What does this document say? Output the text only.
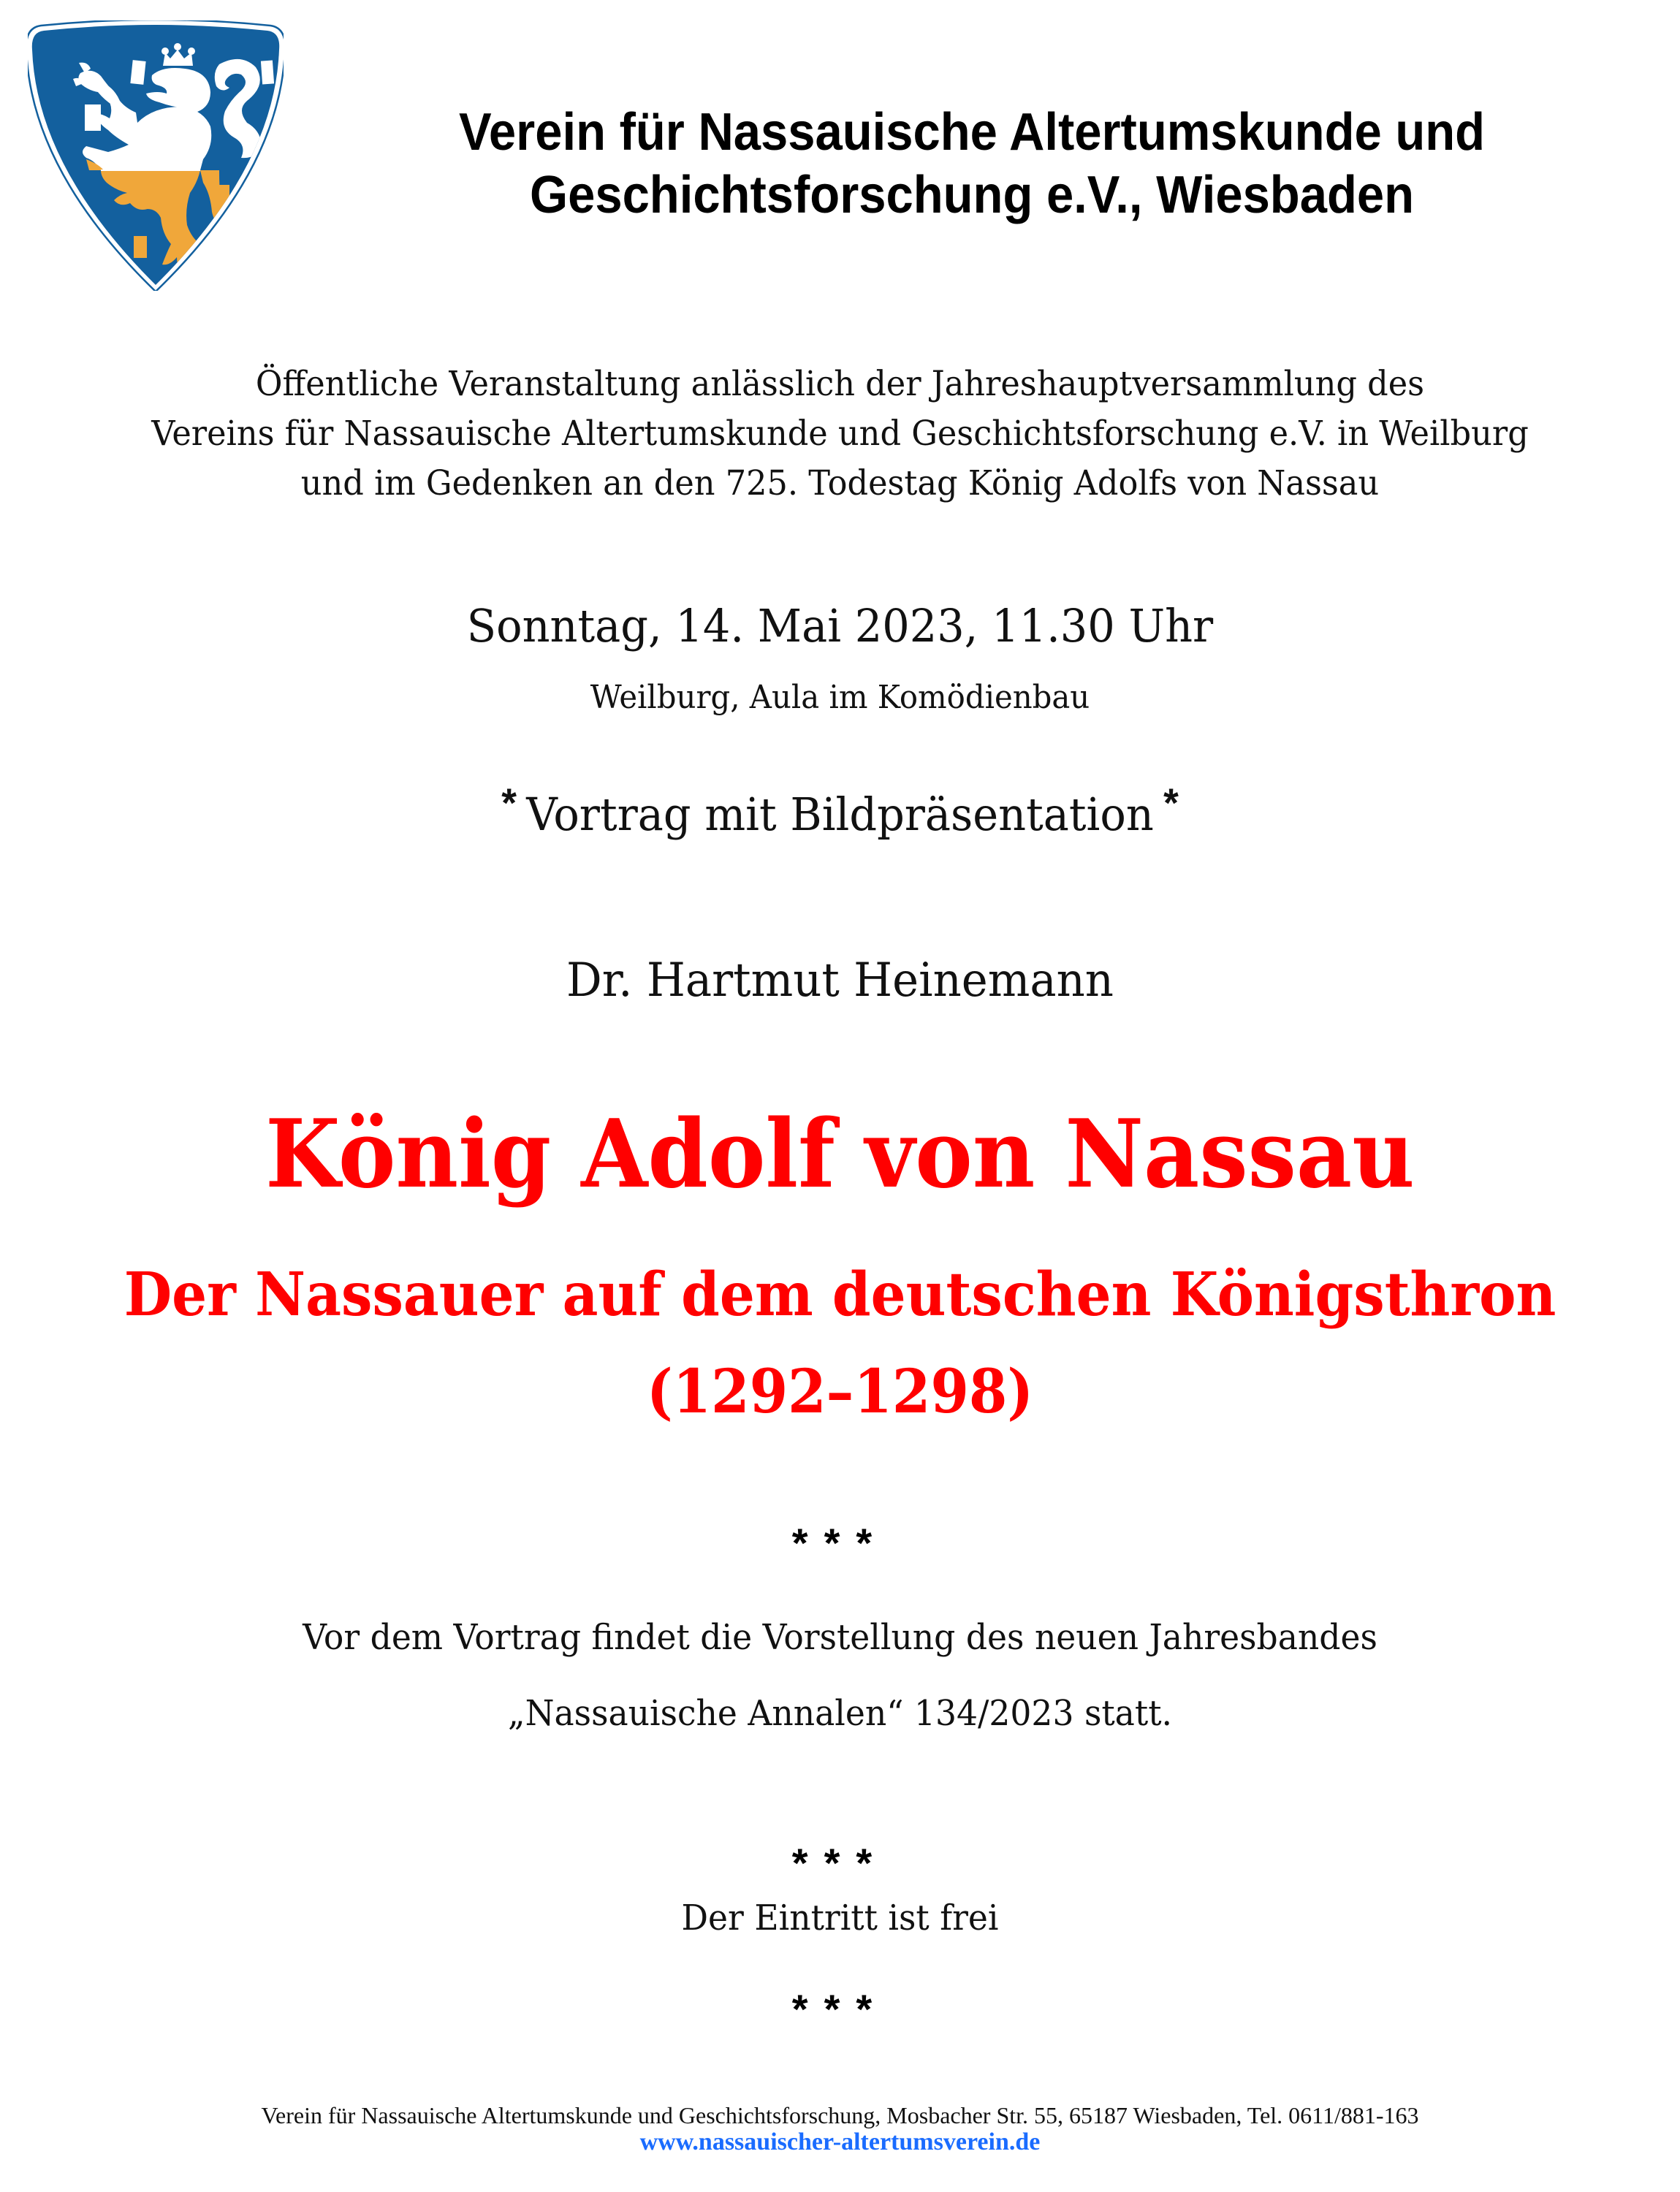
Verein für Nassauische Altertumskunde und
Geschichtsforschung e.V., Wiesbaden
Öffentliche Veranstaltung anlässlich der Jahreshauptversammlung des
Vereins für Nassauische Altertumskunde und Geschichtsforschung e.V. in Weilburg
und im Gedenken an den 725. Todestag König Adolfs von Nassau
Sonntag, 14. Mai 2023, 11.30 Uhr
Weilburg, Aula im Komödienbau
* Vortrag mit Bildpräsentation *
Dr. Hartmut Heinemann
König Adolf von Nassau
Der Nassauer auf dem deutschen Königsthron
(1292–1298)
***
Vor dem Vortrag findet die Vorstellung des neuen Jahresbandes
„Nassauische Annalen“ 134/2023 statt.
***
Der Eintritt ist frei
***
Verein für Nassauische Altertumskunde und Geschichtsforschung, Mosbacher Str. 55, 65187 Wiesbaden, Tel. 0611/881-163
www.nassauischer-altertumsverein.de
